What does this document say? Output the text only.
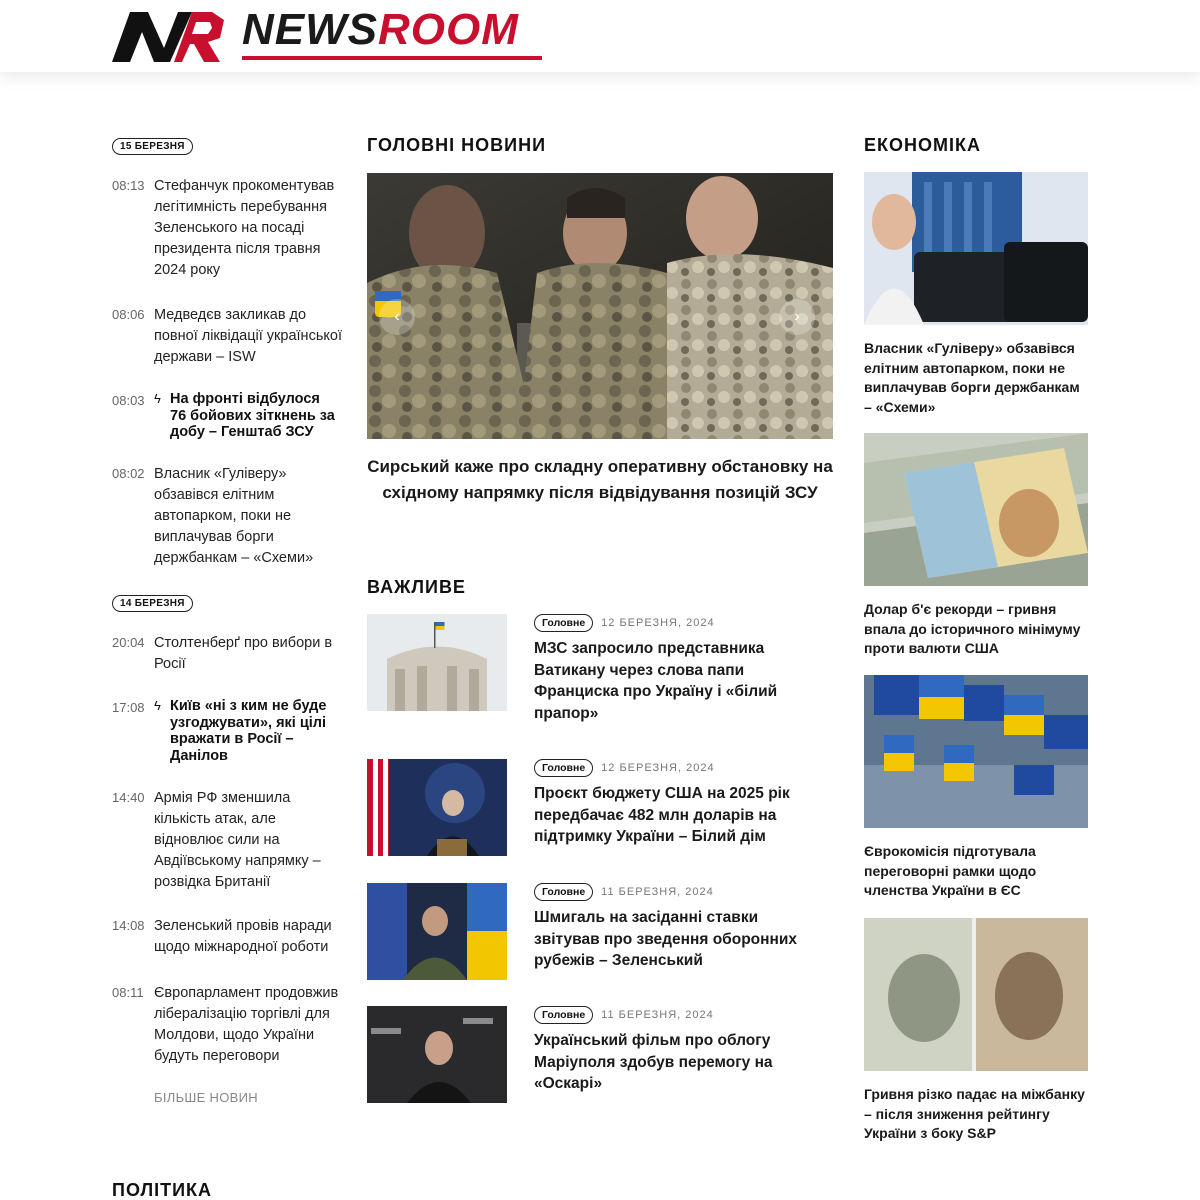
NEWSROOM
15 БЕРЕЗНЯ
08:13 Стефанчук прокоментував легітимність перебування Зеленського на посаді президента після травня 2024 року
08:06 Медведєв закликав до повної ліквідації української держави – ISW
08:03 ϟ На фронті відбулося 76 бойових зіткнень за добу – Генштаб ЗСУ
08:02 Власник «Гуліверу» обзавівся елітним автопарком, поки не виплачував борги держбанкам – «Схеми»
14 БЕРЕЗНЯ
20:04 Столтенберґ про вибори в Росії
17:08 ϟ Київ «ні з ким не буде узгоджувати», які цілі вражати в Росії – Данілов
14:40 Армія РФ зменшила кількість атак, але відновлює сили на Авдіївському напрямку – розвідка Британії
14:08 Зеленський провів наради щодо міжнародної роботи
08:11 Європарламент продовжив лібералізацію торгівлі для Молдови, щодо України будуть переговори
БІЛЬШЕ НОВИН
ГОЛОВНІ НОВИНИ
‹	›
Сирський каже про складну оперативну обстановку на східному напрямку після відвідування позицій ЗСУ
ВАЖЛИВЕ
Головне	12 БЕРЕЗНЯ, 2024
МЗС запросило представника Ватикану через слова папи Франциска про Україну і «білий прапор»
Головне	12 БЕРЕЗНЯ, 2024
Проєкт бюджету США на 2025 рік передбачає 482 млн доларів на підтримку України – Білий дім
Головне	11 БЕРЕЗНЯ, 2024
Шмигаль на засіданні ставки звітував про зведення оборонних рубежів – Зеленський
Головне	11 БЕРЕЗНЯ, 2024
Український фільм про облогу Маріуполя здобув перемогу на «Оскарі»
ЕКОНОМІКА
Власник «Гуліверу» обзавівся елітним автопарком, поки не виплачував борги держбанкам – «Схеми»
Долар б'є рекорди – гривня впала до історичного мінімуму проти валюти США
Єврокомісія підготувала переговорні рамки щодо членства України в ЄС
Гривня різко падає на міжбанку – після зниження рейтингу України з боку S&P
ПОЛІТИКА
